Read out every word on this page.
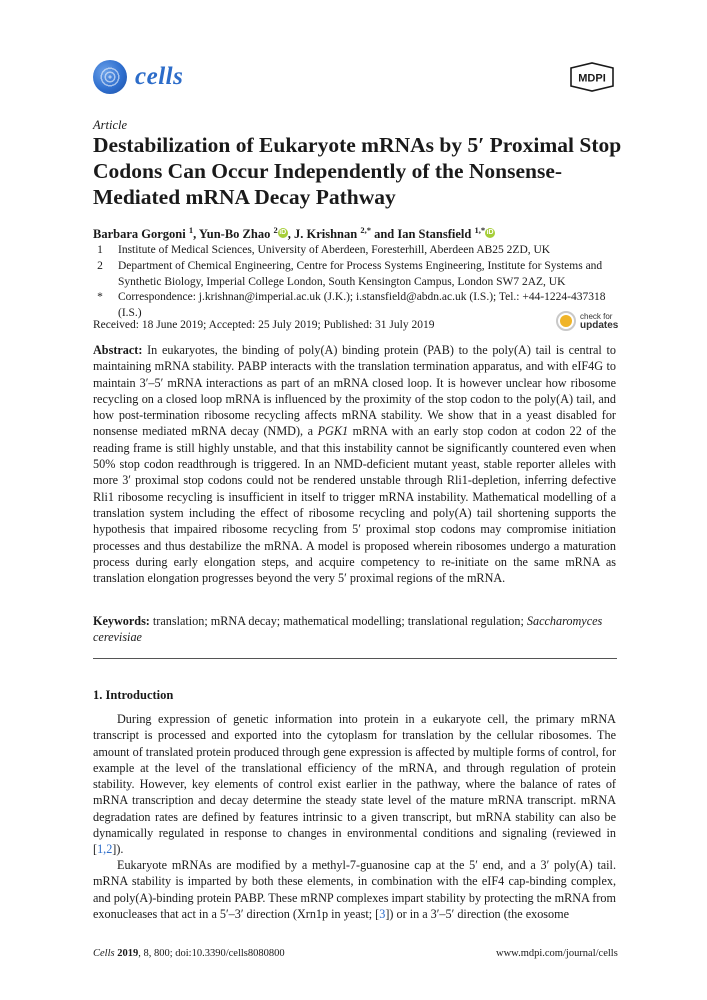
cells	MDPI
Article
Destabilization of Eukaryote mRNAs by 5′ Proximal Stop Codons Can Occur Independently of the Nonsense-Mediated mRNA Decay Pathway
Barbara Gorgoni $^1$, Yun-Bo Zhao $^2$ iD , J. Krishnan $^{2,*}$ and Ian Stansfield $^{1,*}$ iD
1	Institute of Medical Sciences, University of Aberdeen, Foresterhill, Aberdeen AB25 2ZD, UK
2	Department of Chemical Engineering, Centre for Process Systems Engineering, Institute for Systems and Synthetic Biology, Imperial College London, South Kensington Campus, London SW7 2AZ, UK
*	Correspondence: j.krishnan@imperial.ac.uk (J.K.); i.stansfield@abdn.ac.uk (I.S.); Tel.: +44-1224-437318 (I.S.)
Received: 18 June 2019; Accepted: 25 July 2019; Published: 31 July 2019
check for
updates
Abstract: In eukaryotes, the binding of poly(A) binding protein (PAB) to the poly(A) tail is central to maintaining mRNA stability. PABP interacts with the translation termination apparatus, and with eIF4G to maintain 3′–5′ mRNA interactions as part of an mRNA closed loop. It is however unclear how ribosome recycling on a closed loop mRNA is influenced by the proximity of the stop codon to the poly(A) tail, and how post-termination ribosome recycling affects mRNA stability. We show that in a yeast disabled for nonsense mediated mRNA decay (NMD), a PGK1 mRNA with an early stop codon at codon 22 of the reading frame is still highly unstable, and that this instability cannot be significantly countered even when 50% stop codon readthrough is triggered. In an NMD-deficient mutant yeast, stable reporter alleles with more 3′ proximal stop codons could not be rendered unstable through Rli1-depletion, inferring defective Rli1 ribosome recycling is insufficient in itself to trigger mRNA instability. Mathematical modelling of a translation system including the effect of ribosome recycling and poly(A) tail shortening supports the hypothesis that impaired ribosome recycling from 5′ proximal stop codons may compromise initiation processes and thus destabilize the mRNA. A model is proposed wherein ribosomes undergo a maturation process during early elongation steps, and acquire competency to re-initiate on the same mRNA as translation elongation progresses beyond the very 5′ proximal regions of the mRNA.
Keywords: translation; mRNA decay; mathematical modelling; translational regulation; Saccharomyces cerevisiae
1. Introduction

During expression of genetic information into protein in a eukaryote cell, the primary mRNA transcript is processed and exported into the cytoplasm for translation by the cellular ribosomes. The amount of translated protein produced through gene expression is affected by multiple forms of control, for example at the level of the translational efficiency of the mRNA, and through regulation of protein stability. However, key elements of control exist earlier in the pathway, where the balance of rates of mRNA transcription and decay determine the steady state level of the mature mRNA transcript. mRNA degradation rates are defined by features intrinsic to a given transcript, but mRNA stability can also be dynamically regulated in response to changes in environmental conditions and signaling (reviewed in [1,2]).

Eukaryote mRNAs are modified by a methyl-7-guanosine cap at the 5′ end, and a 3′ poly(A) tail. mRNA stability is imparted by both these elements, in combination with the eIF4 cap-binding complex, and poly(A)-binding protein PABP. These mRNP complexes impart stability by protecting the mRNA from exonucleases that act in a 5′–3′ direction (Xrn1p in yeast; [3]) or in a 3′–5′ direction (the exosome

Cells 2019, 8, 800; doi:10.3390/cells8080800	www.mdpi.com/journal/cells
